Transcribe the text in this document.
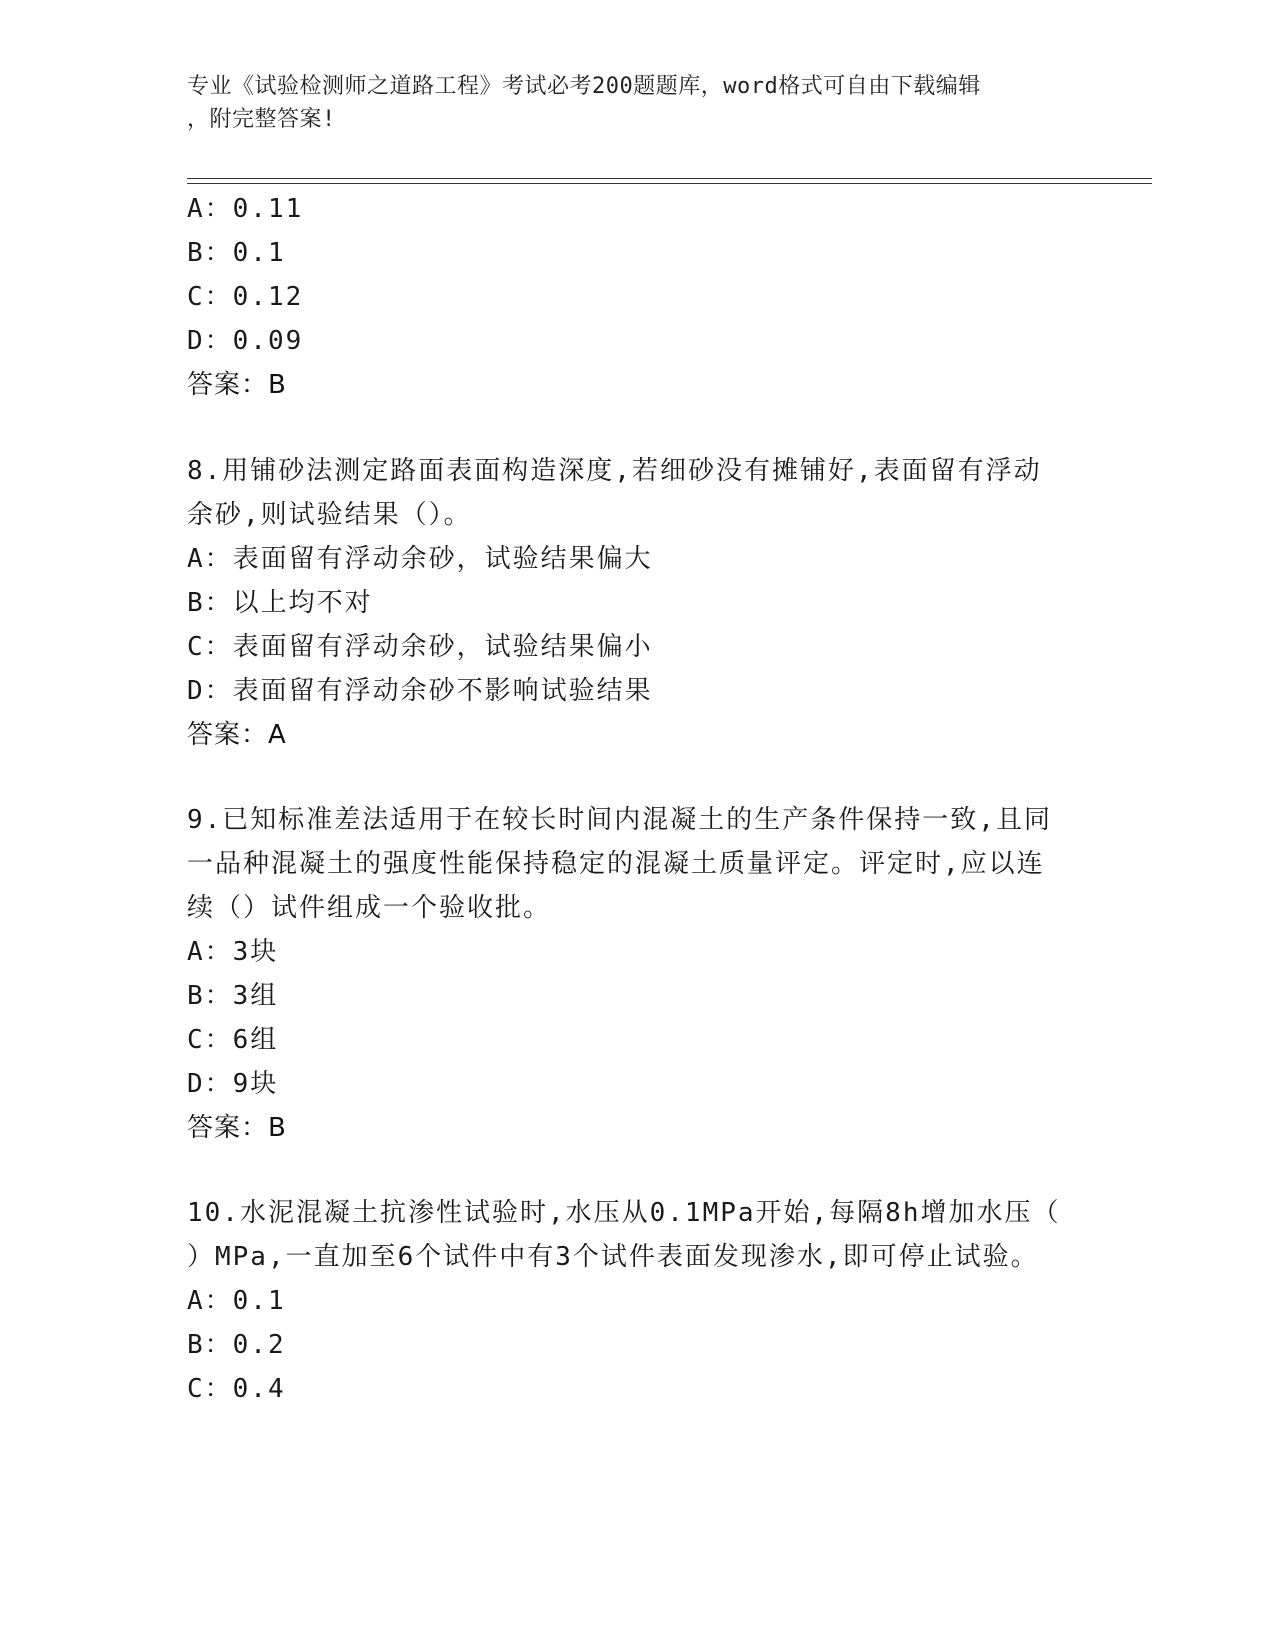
专业《试验检测师之道路工程》考试必考200题题库，word格式可自由下载编辑
，附完整答案!
A：0.11
B：0.1
C：0.12
D：0.09
答案：B
8.用铺砂法测定路面表面构造深度,若细砂没有摊铺好,表面留有浮动
余砂,则试验结果（）。
A：表面留有浮动余砂，试验结果偏大
B：以上均不对
C：表面留有浮动余砂，试验结果偏小
D：表面留有浮动余砂不影响试验结果
答案：A
9.已知标准差法适用于在较长时间内混凝土的生产条件保持一致,且同
一品种混凝土的强度性能保持稳定的混凝土质量评定。评定时,应以连
续（）试件组成一个验收批。
A：3块
B：3组
C：6组
D：9块
答案：B
10.水泥混凝土抗渗性试验时,水压从0.1MPa开始,每隔8h增加水压（
）MPa,一直加至6个试件中有3个试件表面发现渗水,即可停止试验。
A：0.1
B：0.2
C：0.4
